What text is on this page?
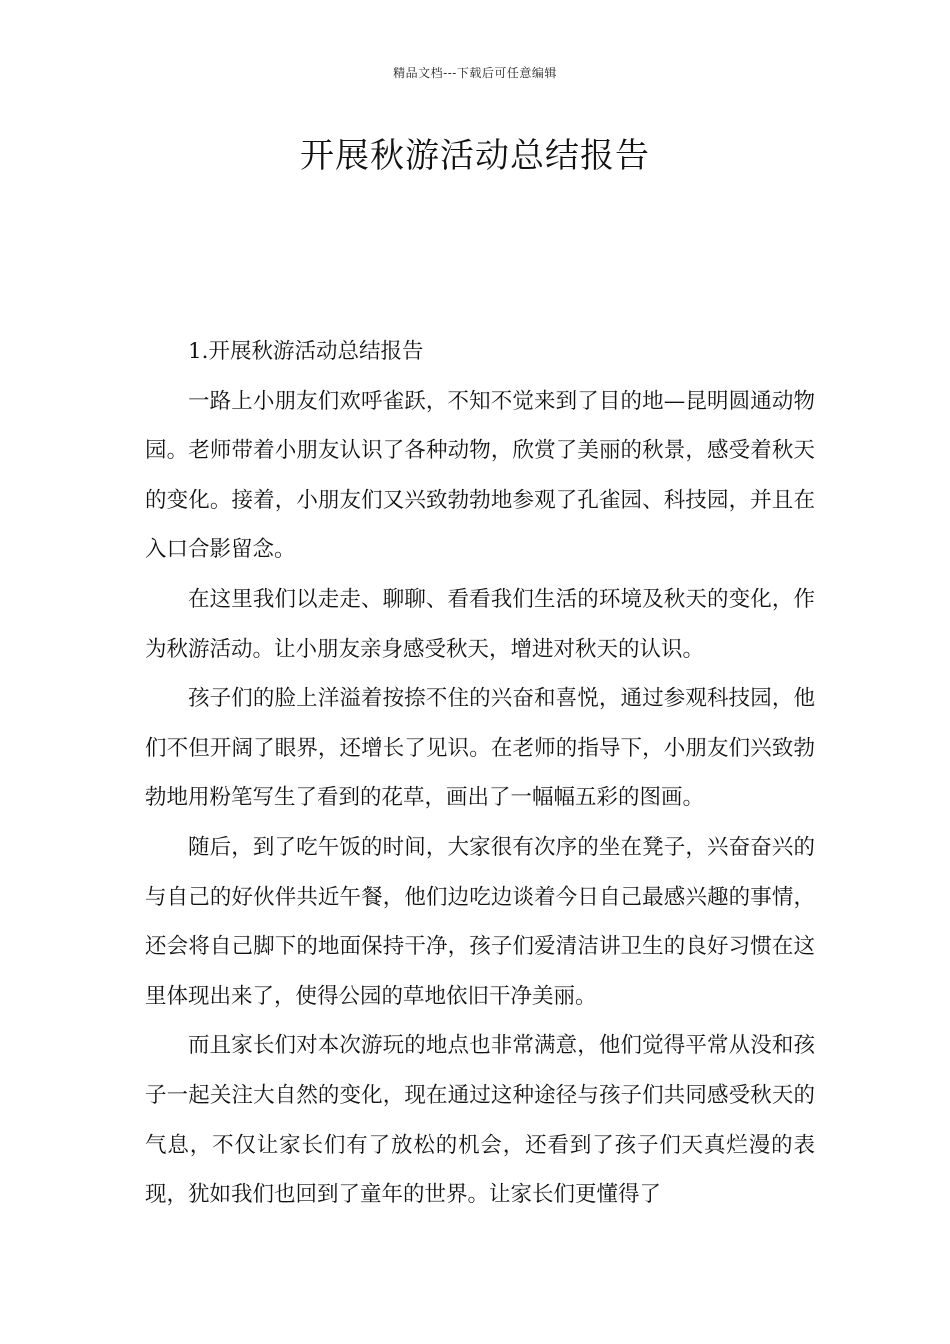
精品文档---下载后可任意编辑
开展秋游活动总结报告

1.开展秋游活动总结报告

一路上小朋友们欢呼雀跃，不知不觉来到了目的地—昆明圆通动物园。老师带着小朋友认识了各种动物，欣赏了美丽的秋景，感受着秋天的变化。接着，小朋友们又兴致勃勃地参观了孔雀园、科技园，并且在入口合影留念。

在这里我们以走走、聊聊、看看我们生活的环境及秋天的变化，作为秋游活动。让小朋友亲身感受秋天，增进对秋天的认识。

孩子们的脸上洋溢着按捺不住的兴奋和喜悦，通过参观科技园，他们不但开阔了眼界，还增长了见识。在老师的指导下，小朋友们兴致勃勃地用粉笔写生了看到的花草，画出了一幅幅五彩的图画。

随后，到了吃午饭的时间，大家很有次序的坐在凳子，兴奋奋兴的与自己的好伙伴共近午餐，他们边吃边谈着今日自己最感兴趣的事情，还会将自己脚下的地面保持干净，孩子们爱清洁讲卫生的良好习惯在这里体现出来了，使得公园的草地依旧干净美丽。

而且家长们对本次游玩的地点也非常满意，他们觉得平常从没和孩子一起关注大自然的变化，现在通过这种途径与孩子们共同感受秋天的气息，不仅让家长们有了放松的机会，还看到了孩子们天真烂漫的表现，犹如我们也回到了童年的世界。让家长们更懂得了
